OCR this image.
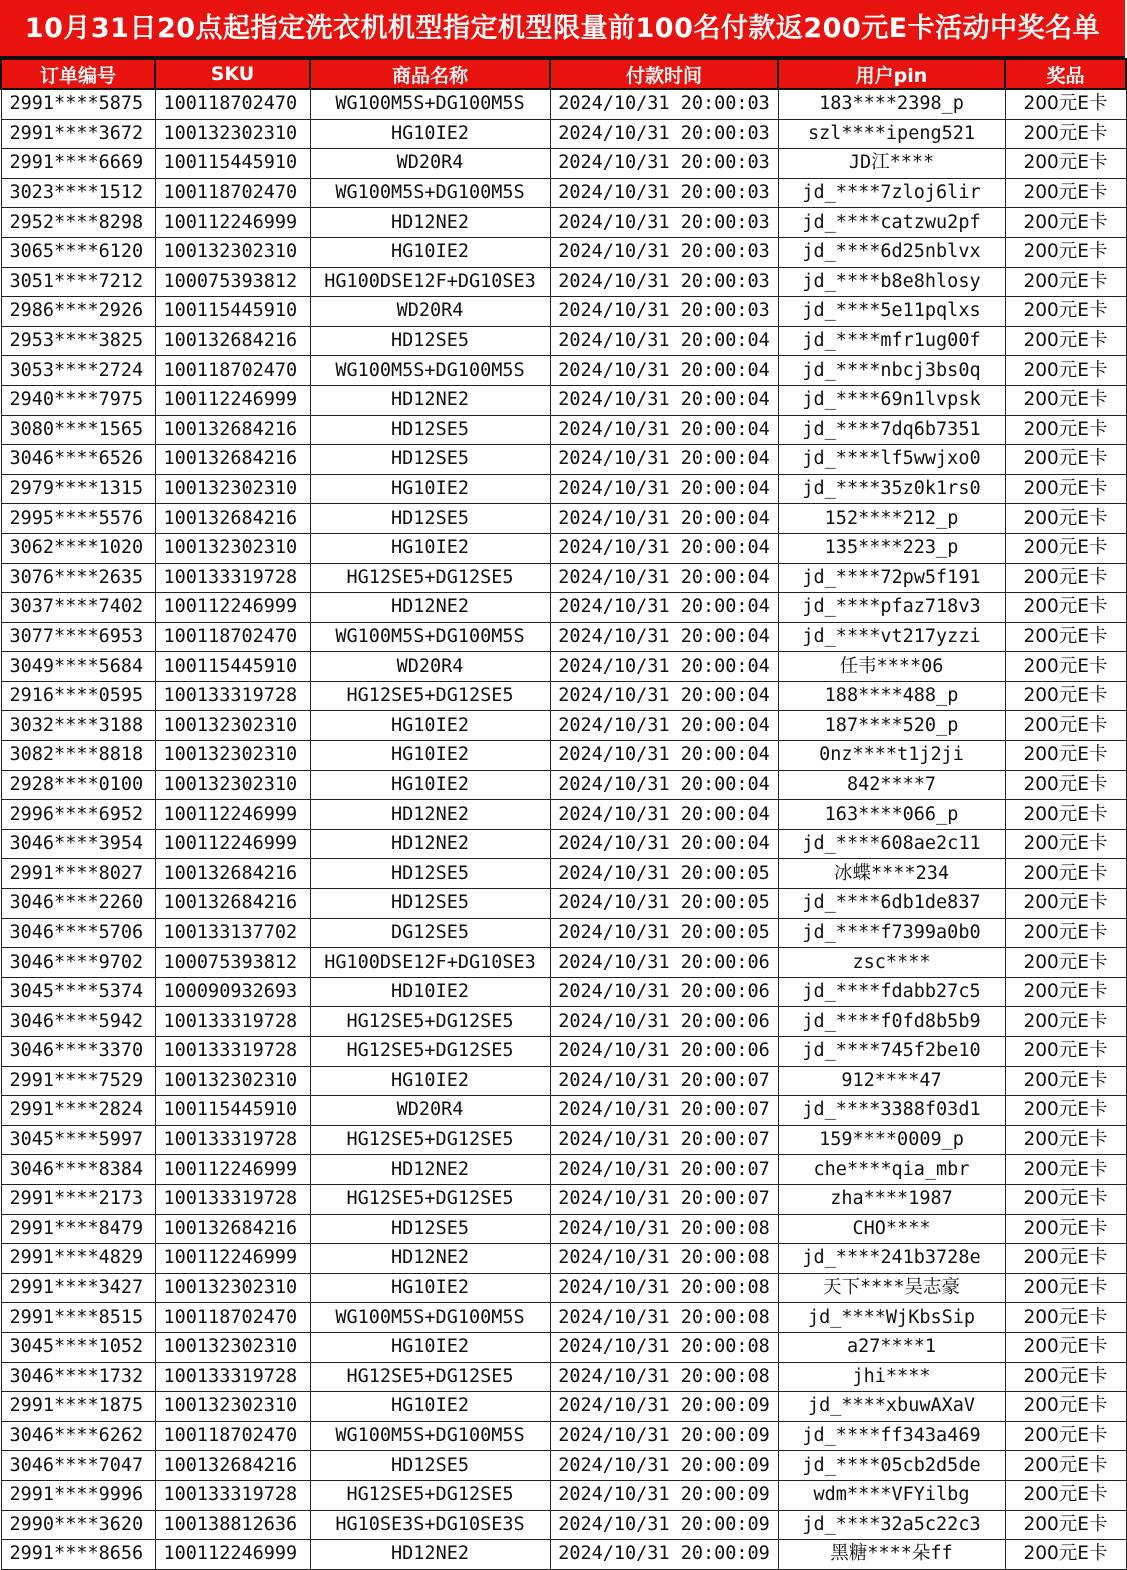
10月31日20点起指定洗衣机机型指定机型限量前100名付款返200元E卡活动中奖名单
订单编号	SKU	商品名称	付款时间	用户pin	奖品
2991****5875	100118702470	WG100M5S+DG100M5S	2024/10/31 20:00:03	183****2398_p	200元E卡
2991****3672	100132302310	HG10IE2	2024/10/31 20:00:03	szl****ipeng521	200元E卡
2991****6669	100115445910	WD20R4	2024/10/31 20:00:03	JD江****	200元E卡
3023****1512	100118702470	WG100M5S+DG100M5S	2024/10/31 20:00:03	jd_****7zloj6lir	200元E卡
2952****8298	100112246999	HD12NE2	2024/10/31 20:00:03	jd_****catzwu2pf	200元E卡
3065****6120	100132302310	HG10IE2	2024/10/31 20:00:03	jd_****6d25nblvx	200元E卡
3051****7212	100075393812	HG100DSE12F+DG10SE3	2024/10/31 20:00:03	jd_****b8e8hlosy	200元E卡
2986****2926	100115445910	WD20R4	2024/10/31 20:00:03	jd_****5e11pqlxs	200元E卡
2953****3825	100132684216	HD12SE5	2024/10/31 20:00:04	jd_****mfr1ug00f	200元E卡
3053****2724	100118702470	WG100M5S+DG100M5S	2024/10/31 20:00:04	jd_****nbcj3bs0q	200元E卡
2940****7975	100112246999	HD12NE2	2024/10/31 20:00:04	jd_****69n1lvpsk	200元E卡
3080****1565	100132684216	HD12SE5	2024/10/31 20:00:04	jd_****7dq6b7351	200元E卡
3046****6526	100132684216	HD12SE5	2024/10/31 20:00:04	jd_****lf5wwjxo0	200元E卡
2979****1315	100132302310	HG10IE2	2024/10/31 20:00:04	jd_****35z0k1rs0	200元E卡
2995****5576	100132684216	HD12SE5	2024/10/31 20:00:04	152****212_p	200元E卡
3062****1020	100132302310	HG10IE2	2024/10/31 20:00:04	135****223_p	200元E卡
3076****2635	100133319728	HG12SE5+DG12SE5	2024/10/31 20:00:04	jd_****72pw5f191	200元E卡
3037****7402	100112246999	HD12NE2	2024/10/31 20:00:04	jd_****pfaz718v3	200元E卡
3077****6953	100118702470	WG100M5S+DG100M5S	2024/10/31 20:00:04	jd_****vt217yzzi	200元E卡
3049****5684	100115445910	WD20R4	2024/10/31 20:00:04	任韦****06	200元E卡
2916****0595	100133319728	HG12SE5+DG12SE5	2024/10/31 20:00:04	188****488_p	200元E卡
3032****3188	100132302310	HG10IE2	2024/10/31 20:00:04	187****520_p	200元E卡
3082****8818	100132302310	HG10IE2	2024/10/31 20:00:04	0nz****t1j2ji	200元E卡
2928****0100	100132302310	HG10IE2	2024/10/31 20:00:04	842****7	200元E卡
2996****6952	100112246999	HD12NE2	2024/10/31 20:00:04	163****066_p	200元E卡
3046****3954	100112246999	HD12NE2	2024/10/31 20:00:04	jd_****608ae2c11	200元E卡
2991****8027	100132684216	HD12SE5	2024/10/31 20:00:05	冰蝶****234	200元E卡
3046****2260	100132684216	HD12SE5	2024/10/31 20:00:05	jd_****6db1de837	200元E卡
3046****5706	100133137702	DG12SE5	2024/10/31 20:00:05	jd_****f7399a0b0	200元E卡
3046****9702	100075393812	HG100DSE12F+DG10SE3	2024/10/31 20:00:06	zsc****	200元E卡
3045****5374	100090932693	HD10IE2	2024/10/31 20:00:06	jd_****fdabb27c5	200元E卡
3046****5942	100133319728	HG12SE5+DG12SE5	2024/10/31 20:00:06	jd_****f0fd8b5b9	200元E卡
3046****3370	100133319728	HG12SE5+DG12SE5	2024/10/31 20:00:06	jd_****745f2be10	200元E卡
2991****7529	100132302310	HG10IE2	2024/10/31 20:00:07	912****47	200元E卡
2991****2824	100115445910	WD20R4	2024/10/31 20:00:07	jd_****3388f03d1	200元E卡
3045****5997	100133319728	HG12SE5+DG12SE5	2024/10/31 20:00:07	159****0009_p	200元E卡
3046****8384	100112246999	HD12NE2	2024/10/31 20:00:07	che****qia_mbr	200元E卡
2991****2173	100133319728	HG12SE5+DG12SE5	2024/10/31 20:00:07	zha****1987	200元E卡
2991****8479	100132684216	HD12SE5	2024/10/31 20:00:08	CHO****	200元E卡
2991****4829	100112246999	HD12NE2	2024/10/31 20:00:08	jd_****241b3728e	200元E卡
2991****3427	100132302310	HG10IE2	2024/10/31 20:00:08	天下****吴志豪	200元E卡
2991****8515	100118702470	WG100M5S+DG100M5S	2024/10/31 20:00:08	jd_****WjKbsSip	200元E卡
3045****1052	100132302310	HG10IE2	2024/10/31 20:00:08	a27****1	200元E卡
3046****1732	100133319728	HG12SE5+DG12SE5	2024/10/31 20:00:08	jhi****	200元E卡
2991****1875	100132302310	HG10IE2	2024/10/31 20:00:09	jd_****xbuwAXaV	200元E卡
3046****6262	100118702470	WG100M5S+DG100M5S	2024/10/31 20:00:09	jd_****ff343a469	200元E卡
3046****7047	100132684216	HD12SE5	2024/10/31 20:00:09	jd_****05cb2d5de	200元E卡
2991****9996	100133319728	HG12SE5+DG12SE5	2024/10/31 20:00:09	wdm****VFYilbg	200元E卡
2990****3620	100138812636	HG10SE3S+DG10SE3S	2024/10/31 20:00:09	jd_****32a5c22c3	200元E卡
2991****8656	100112246999	HD12NE2	2024/10/31 20:00:09	黑糖****朵ff	200元E卡
